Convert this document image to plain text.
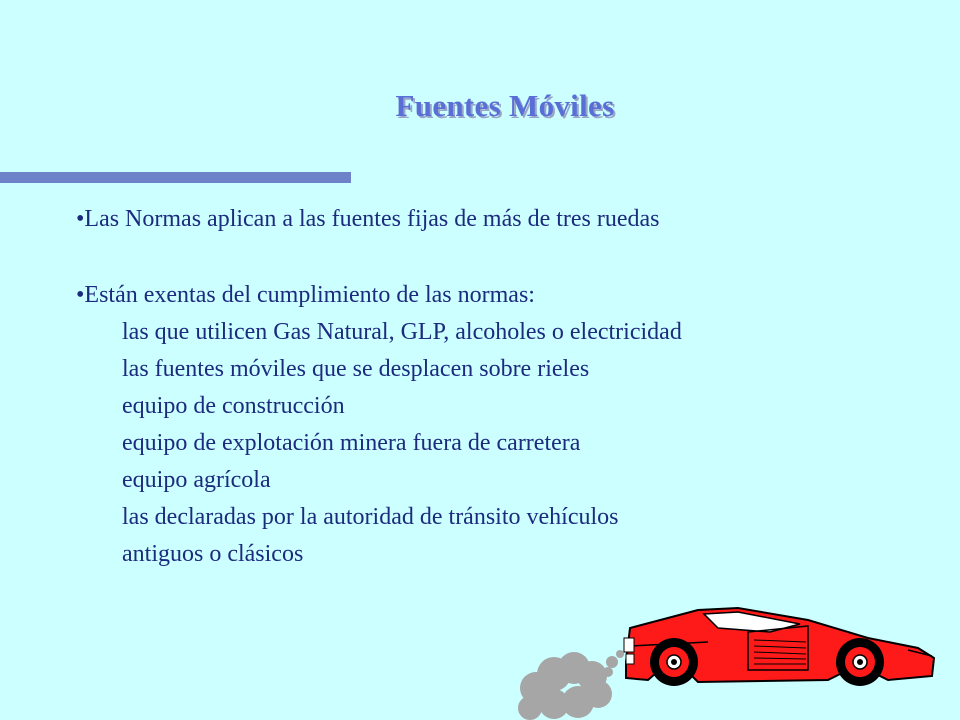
Fuentes Móviles

•Las Normas aplican a las fuentes fijas de más de tres ruedas

•Están exentas del cumplimiento de las normas:

las que utilicen Gas Natural, GLP, alcoholes o electricidad

las fuentes móviles que se desplacen sobre rieles

equipo de construcción

equipo de explotación minera fuera de carretera

equipo agrícola

las declaradas por la autoridad de tránsito vehículos

antiguos o clásicos
